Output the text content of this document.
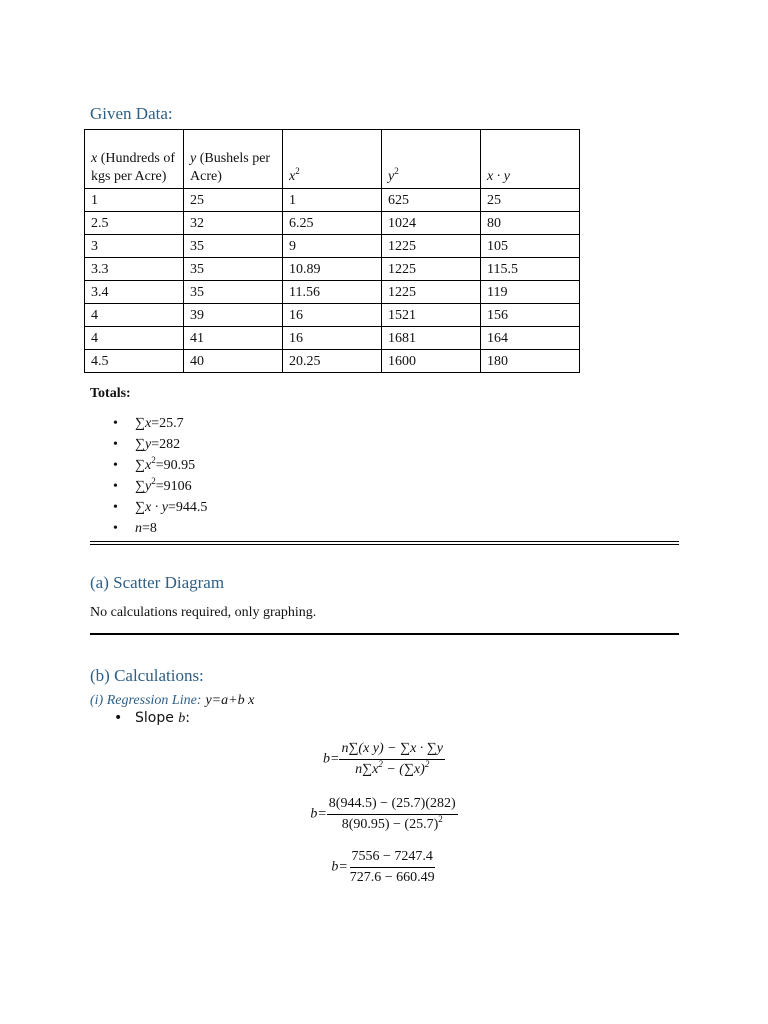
Given Data:
x (Hundreds of kgs per Acre)	y (Bushels per Acre)	$x^2$	$y^2$	x · y
1	25	1	625	25
2.5	32	6.25	1024	80
3	35	9	1225	105
3.3	35	10.89	1225	115.5
3.4	35	11.56	1225	119
4	39	16	1521	156
4	41	16	1681	164
4.5	40	20.25	1600	180
Totals:
• ∑x=25.7
• ∑y=282
• $\sum x^2=90.95$
• $\sum y^2=9106$
• ∑x · y=944.5
• n=8
(a) Scatter Diagram
No calculations required, only graphing.
(b) Calculations:
(i) Regression Line: y=a+b x
• Slope b:
$b= \frac{\text{n∑(x y) − ∑x · ∑y}}{n\sum x^2 - (\sum x)^2}$
$b= \frac{8(944.5) - (25.7)(282)}{8(90.95) - (25.7)^2}$
$b= \frac{7556 - 7247.4}{727.6 - 660.49}$
